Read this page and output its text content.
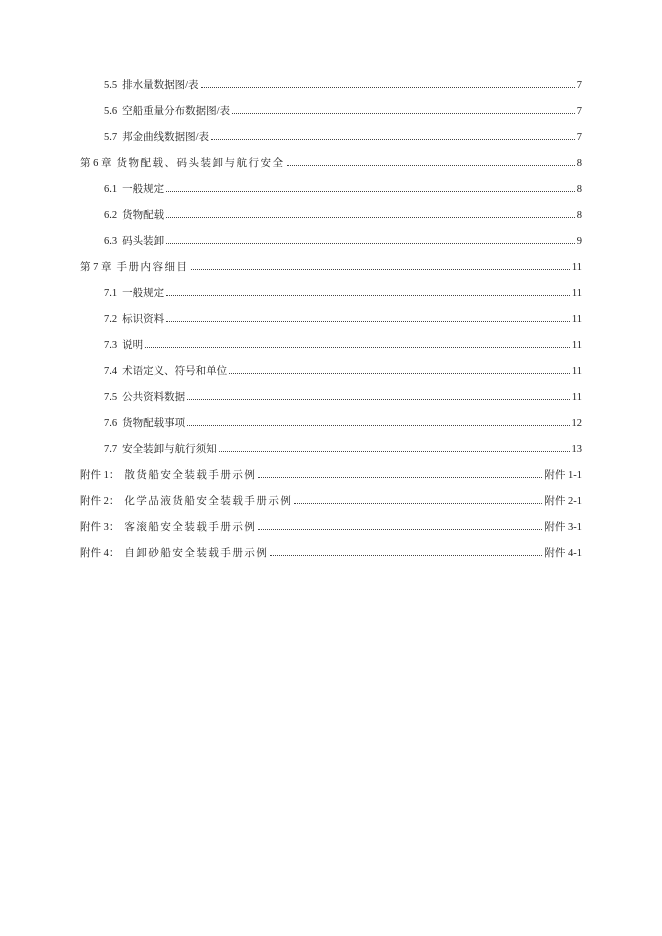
5.5 排水量数据图/表	7
5.6 空船重量分布数据图/表	7
5.7 邦金曲线数据图/表	7
第 6 章 货物配载、码头装卸与航行安全	8
6.1 一般规定	8
6.2 货物配载	8
6.3 码头装卸	9
第 7 章 手册内容细目	11
7.1 一般规定	11
7.2 标识资料	11
7.3 说明	11
7.4 术语定义、符号和单位	11
7.5 公共资料数据	11
7.6 货物配载事项	12
7.7 安全装卸与航行须知	13
附件 1： 散货船安全装载手册示例	附件 1-1
附件 2： 化学品液货船安全装载手册示例	附件 2-1
附件 3： 客滚船安全装载手册示例	附件 3-1
附件 4： 自卸砂船安全装载手册示例	附件 4-1
